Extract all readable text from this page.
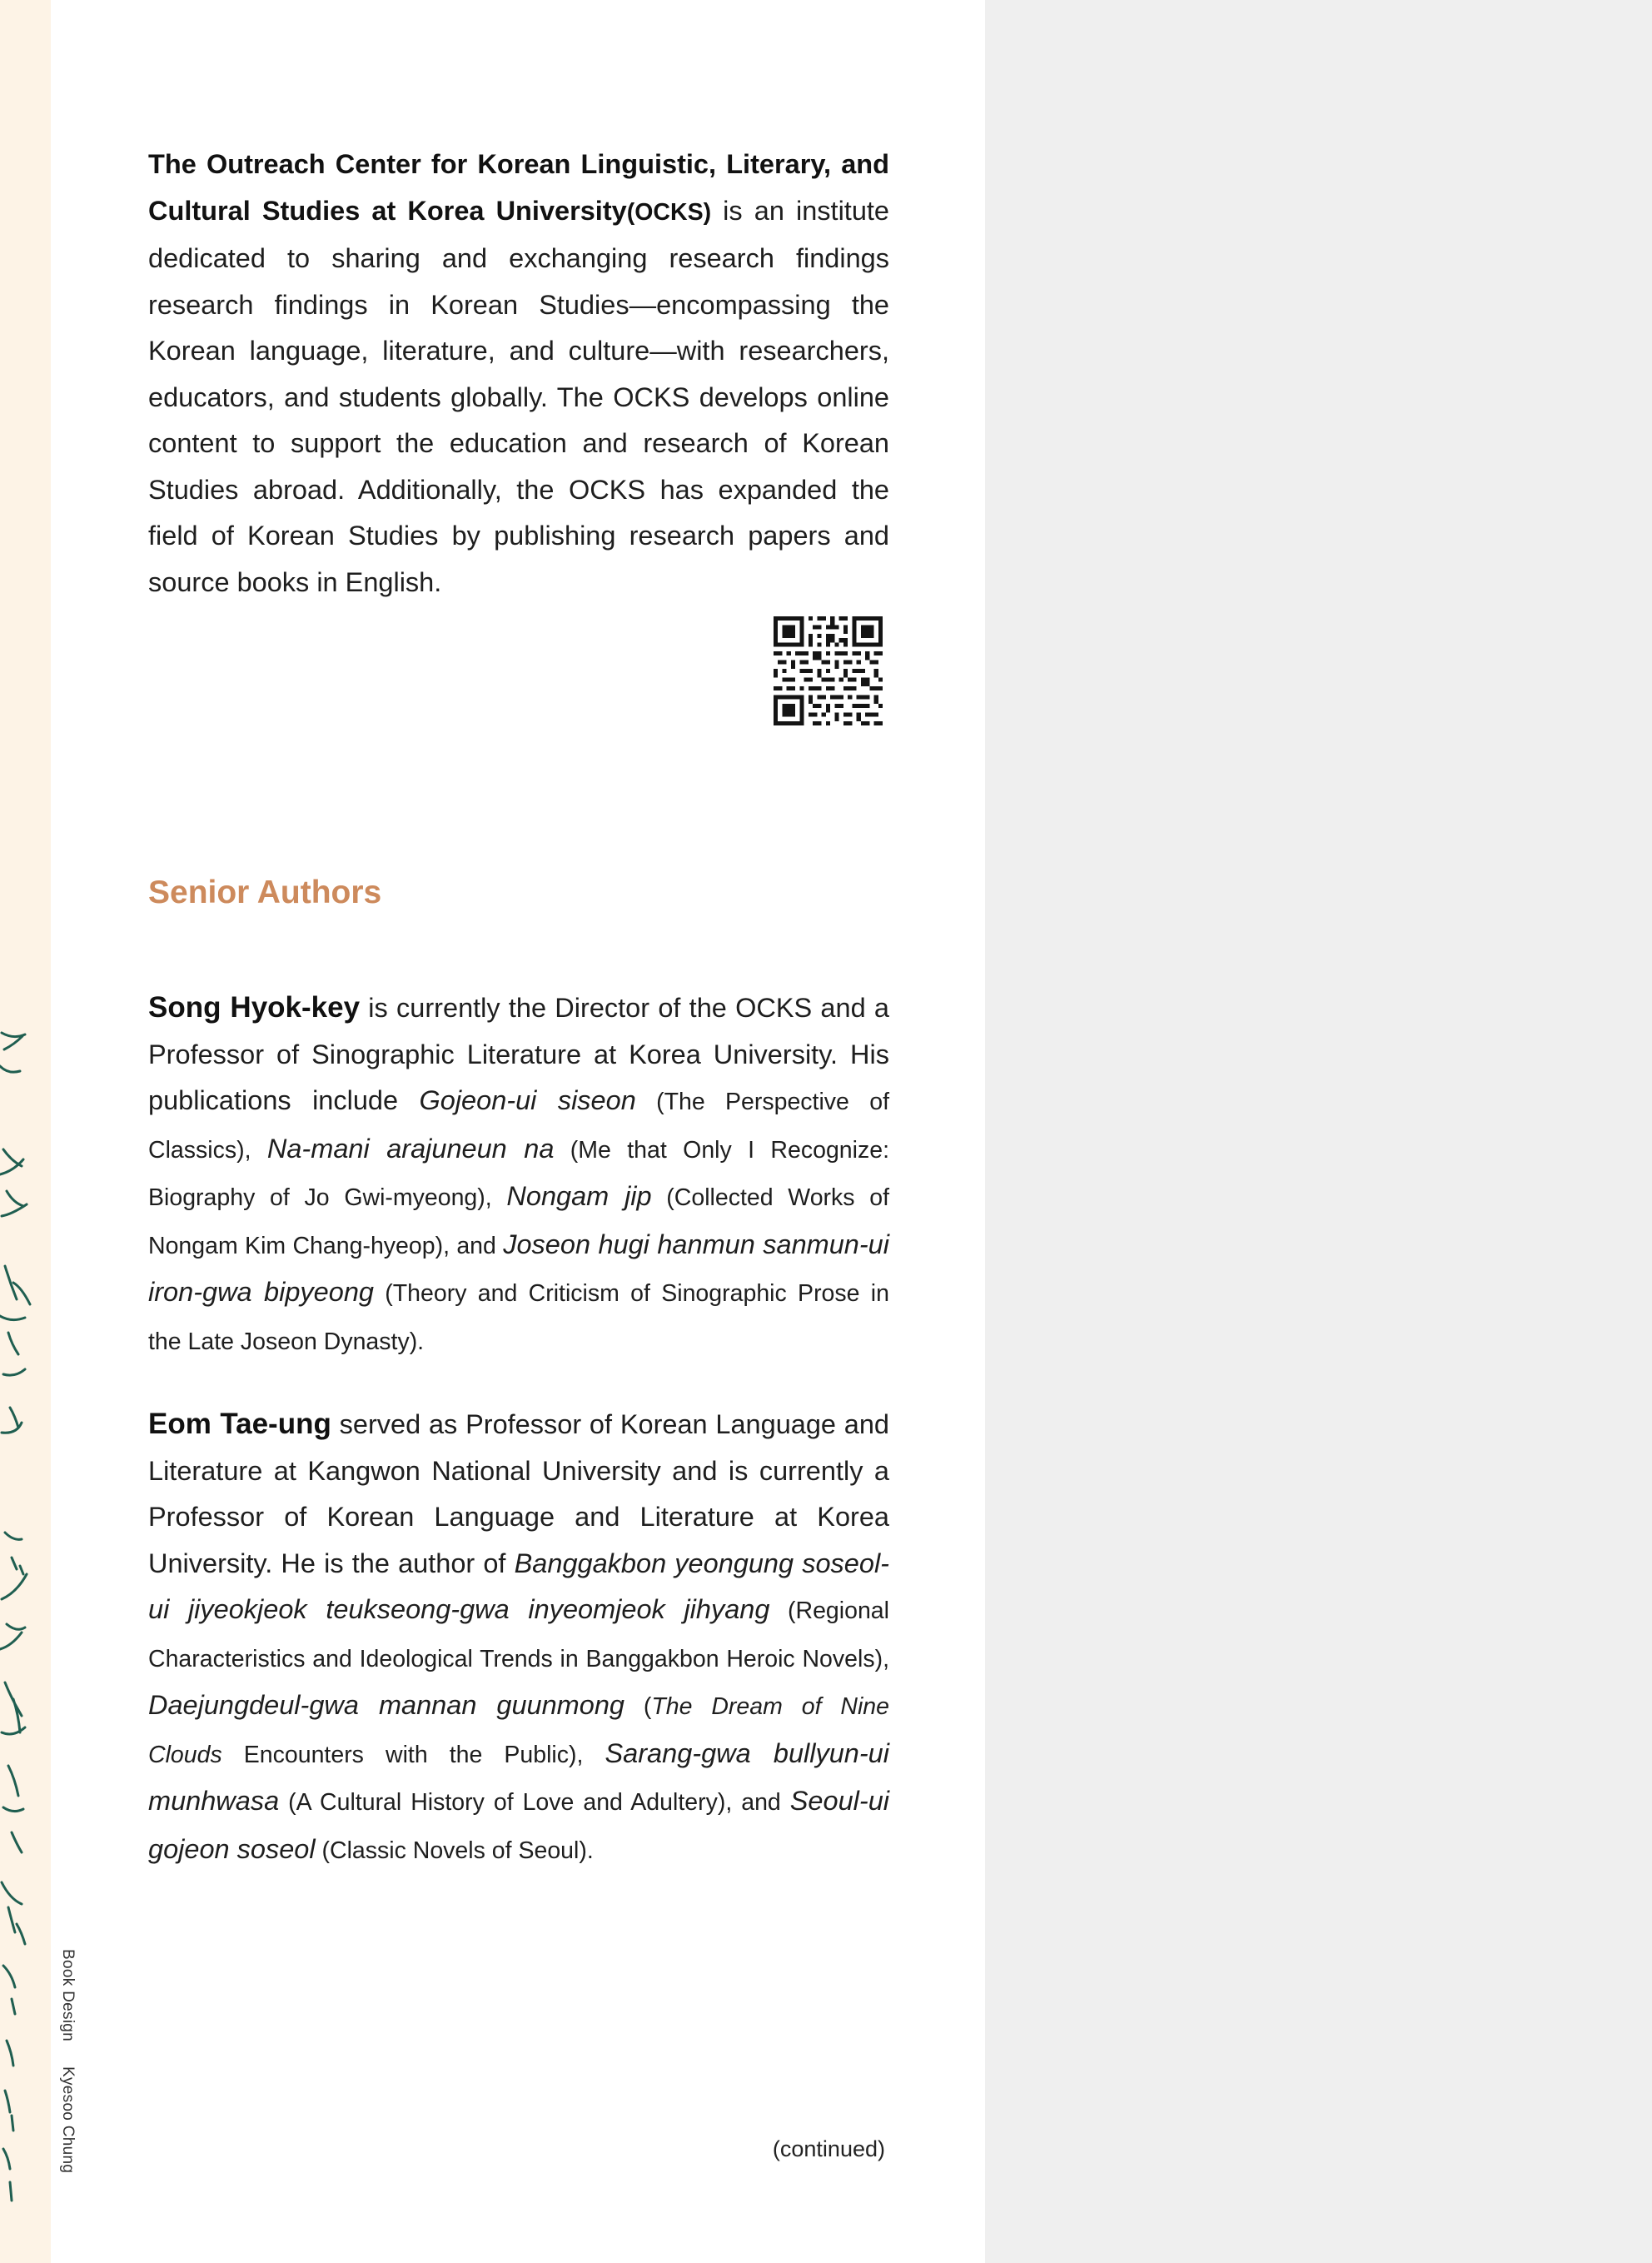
The Outreach Center for Korean Linguistic, Literary, and Cultural Studies at Korea University(OCKS) is an institute dedicated to sharing and exchanging research findings research findings in Korean Studies—encompassing the Korean language, literature, and culture—with researchers, educators, and students globally. The OCKS develops online content to support the education and research of Korean Studies abroad. Additionally, the OCKS has expanded the field of Korean Studies by publishing research papers and source books in English.

Senior Authors

Song Hyok-key is currently the Director of the OCKS and a Professor of Sinographic Literature at Korea University. His publications include Gojeon-ui siseon (The Perspective of Classics), Na-mani arajuneun na (Me that Only I Recognize: Biography of Jo Gwi-myeong), Nongam jip (Collected Works of Nongam Kim Chang-hyeop), and Joseon hugi hanmun sanmun-ui iron-gwa bipyeong (Theory and Criticism of Sinographic Prose in the Late Joseon Dynasty).

Eom Tae-ung served as Professor of Korean Language and Literature at Kangwon National University and is currently a Professor of Korean Language and Literature at Korea University. He is the author of Banggakbon yeongung soseol-ui jiyeokjeok teukseong-gwa inyeomjeok jihyang (Regional Characteristics and Ideological Trends in Banggakbon Heroic Novels), Daejungdeul-gwa mannan guunmong (The Dream of Nine Clouds Encounters with the Public), Sarang-gwa bullyun-ui munhwasa (A Cultural History of Love and Adultery), and Seoul-ui gojeon soseol (Classic Novels of Seoul).

(continued)
Book Design Kyesoo Chung
